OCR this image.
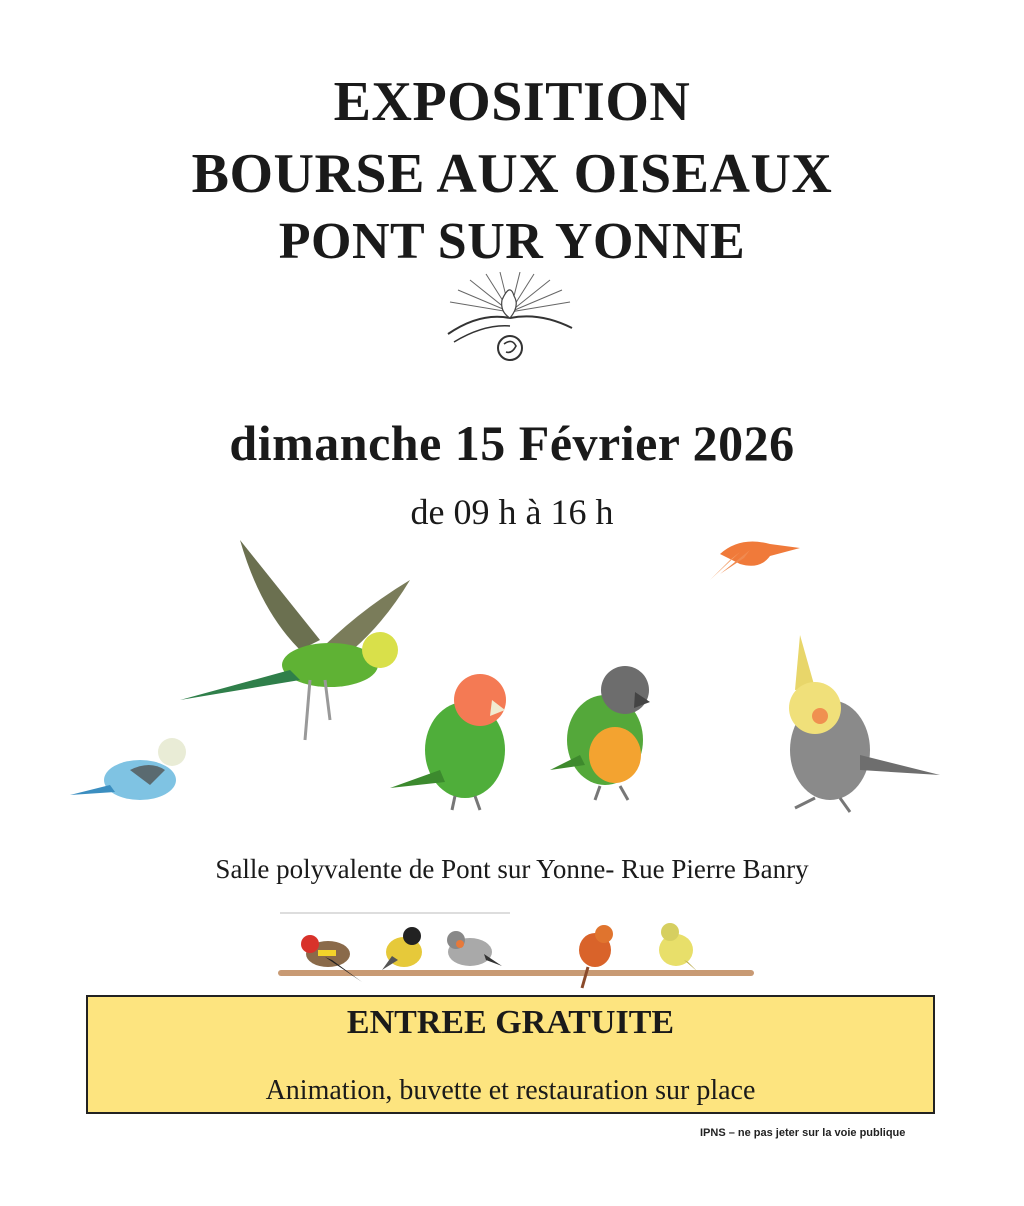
EXPOSITION
BOURSE AUX OISEAUX
PONT SUR YONNE
dimanche 15 Février 2026
de 09 h à 16 h
Salle polyvalente de Pont sur Yonne- Rue Pierre Banry
ENTREE GRATUITE
Animation, buvette et restauration sur place
IPNS – ne pas jeter sur la voie publique
